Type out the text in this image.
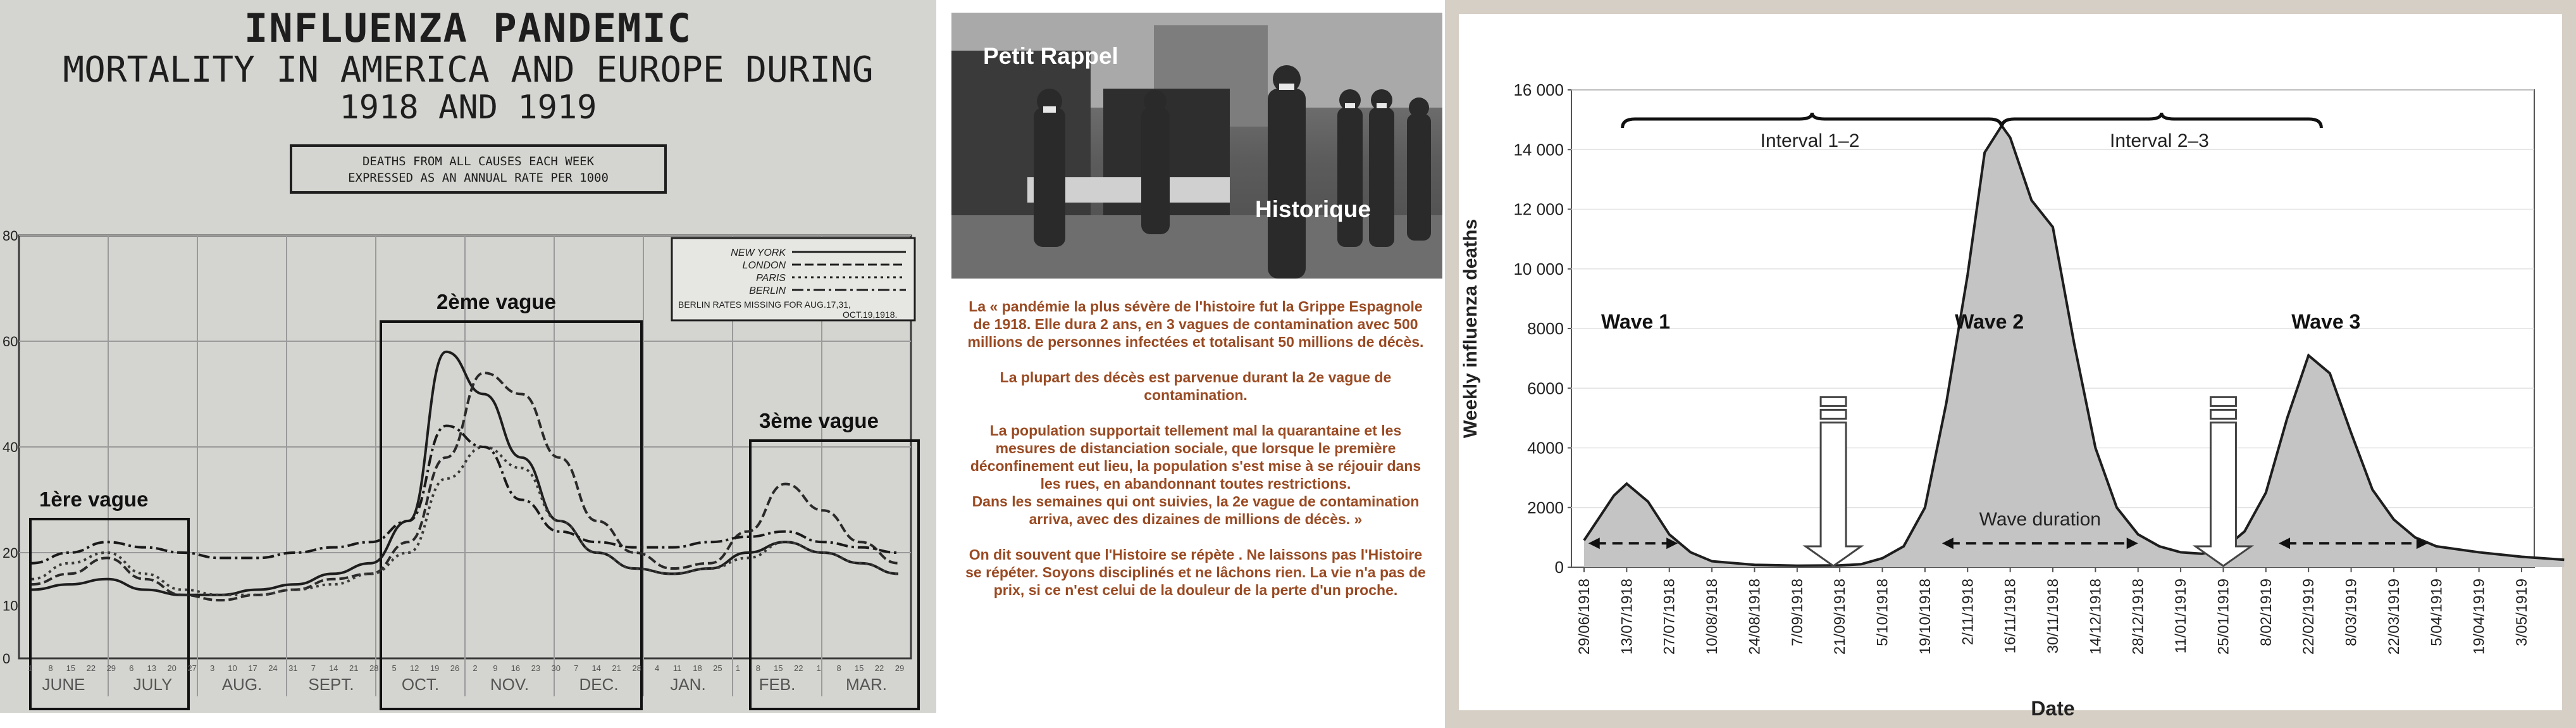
INFLUENZA PANDEMIC
MORTALITY IN AMERICA AND EUROPE DURING
1918 AND 1919
DEATHS FROM ALL CAUSES EACH WEEK
EXPRESSED AS AN ANNUAL RATE PER 1000
1ère vague
2ème vague
3ème vague
80
60
40
20
10
0
JUNE	JULY	AUG.	SEPT.	OCT.	NOV.	DEC.	JAN.	FEB.	MAR.
1 8 15 22 29 6 13 20 27 3 10 17 24 31 7 14 21 28 5 12 19 26 2 9 16 23 30 7 14 21 28 4 11 18 25 1 8 15 22 1 8 15 22 29
NEW YORK
LONDON
PARIS
BERLIN
BERLIN RATES MISSING FOR AUG.17,31,
OCT.19,1918.
Petit Rappel
Historique

La « pandémie la plus sévère de l'histoire fut la Grippe Espagnole de 1918. Elle dura 2 ans, en 3 vagues de contamination avec 500 millions de personnes infectées et totalisant 50 millions de décès.

La plupart des décès est parvenue durant la 2e vague de contamination.

La population supportait tellement mal la quarantaine et les mesures de distanciation sociale, que lorsque le première déconfinement eut lieu, la population s'est mise à se réjouir dans les rues, en abandonnant toutes restrictions.

Dans les semaines qui ont suivies, la 2e vague de contamination arriva, avec des dizaines de millions de décès. »

On dit souvent que l'Histoire se répète . Ne laissons pas l'Histoire se répéter. Soyons disciplinés et ne lâchons rien. La vie n'a pas de prix, si ce n'est celui de la douleur de la perte d'un proche.

Wave 1	Wave 2	Wave 3
Interval 1–2	Interval 2–3
Wave duration
0
2000
4000
6000
8000
10 000
12 000
14 000
16 000
29/06/1918 13/07/1918 27/07/1918 10/08/1918 24/08/1918 7/09/1918 21/09/1918 5/10/1918 19/10/1918 2/11/1918 16/11/1918 30/11/1918 14/12/1918 28/12/1918 11/01/1919 25/01/1919 8/02/1919 22/02/1919 8/03/1919 22/03/1919 5/04/1919 19/04/1919 3/05/1919
Date
Weekly influenza deaths
